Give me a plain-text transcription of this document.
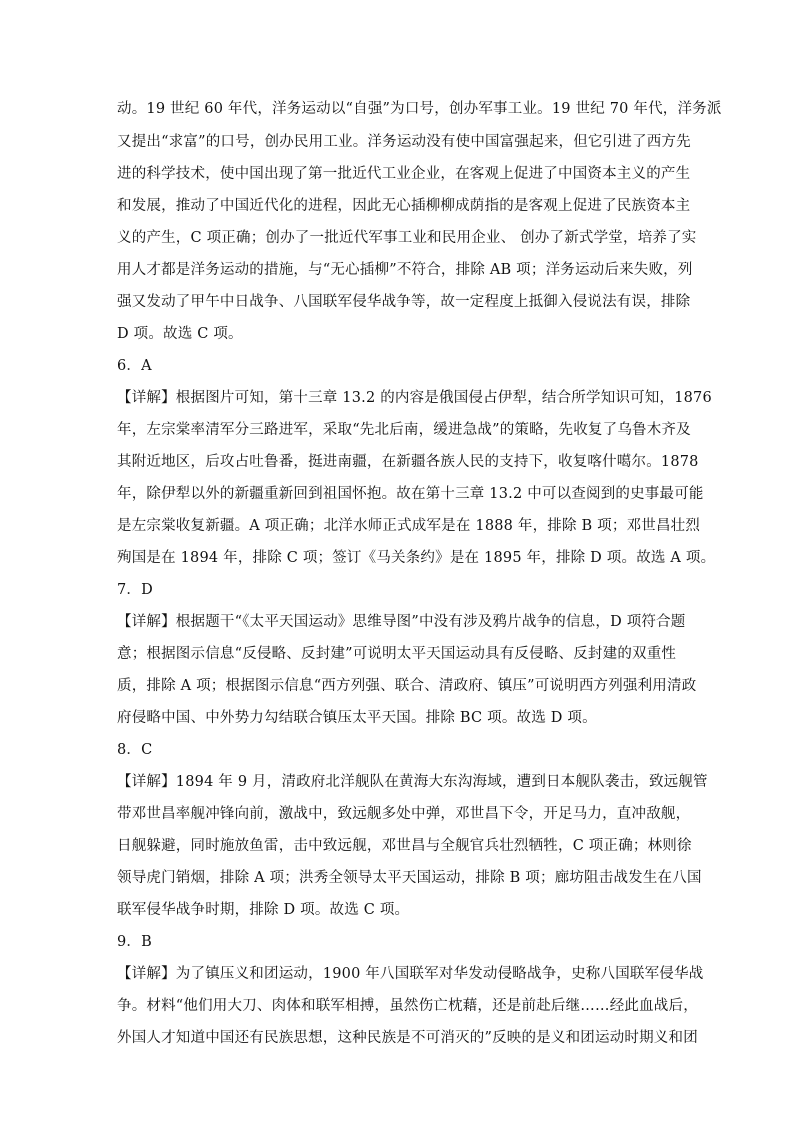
动。19 世纪 60 年代，洋务运动以“自强”为口号，创办军事工业。19 世纪 70 年代，洋务派
又提出“求富”的口号，创办民用工业。洋务运动没有使中国富强起来，但它引进了西方先
进的科学技术，使中国出现了第一批近代工业企业，在客观上促进了中国资本主义的产生
和发展，推动了中国近代化的进程，因此无心插柳柳成荫指的是客观上促进了民族资本主
义的产生，C 项正确；创办了一批近代军事工业和民用企业、 创办了新式学堂，培养了实
用人才都是洋务运动的措施，与“无心插柳”不符合，排除 AB 项；洋务运动后来失败，列
强又发动了甲午中日战争、八国联军侵华战争等，故一定程度上抵御入侵说法有误，排除
D 项。故选 C 项。
6．A
【详解】根据图片可知，第十三章 13.2 的内容是俄国侵占伊犁，结合所学知识可知，1876
年，左宗棠率清军分三路进军，采取“先北后南，缓进急战”的策略，先收复了乌鲁木齐及
其附近地区，后攻占吐鲁番，挺进南疆，在新疆各族人民的支持下，收复喀什噶尔。1878
年，除伊犁以外的新疆重新回到祖国怀抱。故在第十三章 13.2 中可以查阅到的史事最可能
是左宗棠收复新疆。A 项正确；北洋水师正式成军是在 1888 年，排除 B 项；邓世昌壮烈
殉国是在 1894 年，排除 C 项；签订《马关条约》是在 1895 年，排除 D 项。故选 A 项。
7．D
【详解】根据题干“《太平天国运动》思维导图”中没有涉及鸦片战争的信息，D 项符合题
意；根据图示信息“反侵略、反封建”可说明太平天国运动具有反侵略、反封建的双重性
质，排除 A 项；根据图示信息“西方列强、联合、清政府、镇压”可说明西方列强利用清政
府侵略中国、中外势力勾结联合镇压太平天国。排除 BC 项。故选 D 项。
8．C
【详解】1894 年 9 月，清政府北洋舰队在黄海大东沟海域，遭到日本舰队袭击，致远舰管
带邓世昌率舰冲锋向前，激战中，致远舰多处中弹，邓世昌下令，开足马力，直冲敌舰，
日舰躲避，同时施放鱼雷，击中致远舰，邓世昌与全舰官兵壮烈牺牲，C 项正确；林则徐
领导虎门销烟，排除 A 项；洪秀全领导太平天国运动，排除 B 项；廊坊阻击战发生在八国
联军侵华战争时期，排除 D 项。故选 C 项。
9．B
【详解】为了镇压义和团运动，1900 年八国联军对华发动侵略战争，史称八国联军侵华战
争。材料“他们用大刀、肉体和联军相搏，虽然伤亡枕藉，还是前赴后继……经此血战后，
外国人才知道中国还有民族思想，这种民族是不可消灭的”反映的是义和团运动时期义和团
